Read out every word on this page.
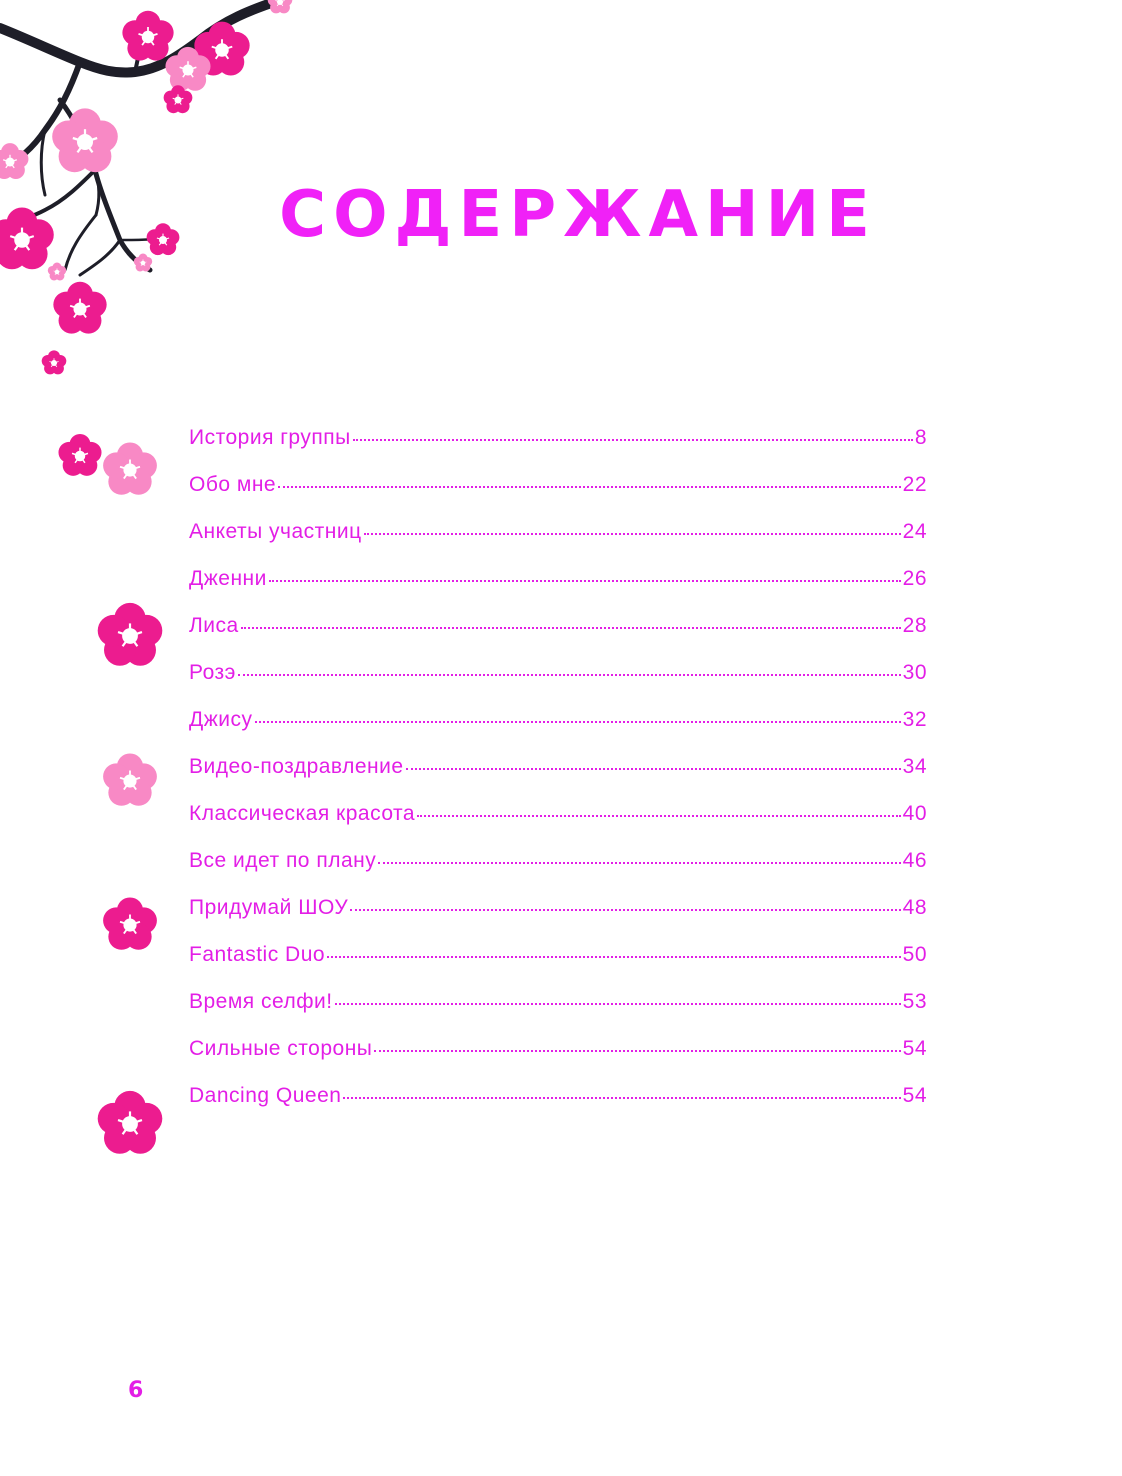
СОДЕРЖАНИЕ
История группы	8
Обо мне	22
Анкеты участниц	24
Дженни	26
Лиса	28
Розэ	30
Джису	32
Видео-поздравление	34
Классическая красота	40
Все идет по плану	46
Придумай ШОУ	48
Fantastic Duo	50
Время селфи!	53
Сильные стороны	54
Dancing Queen	54
6
